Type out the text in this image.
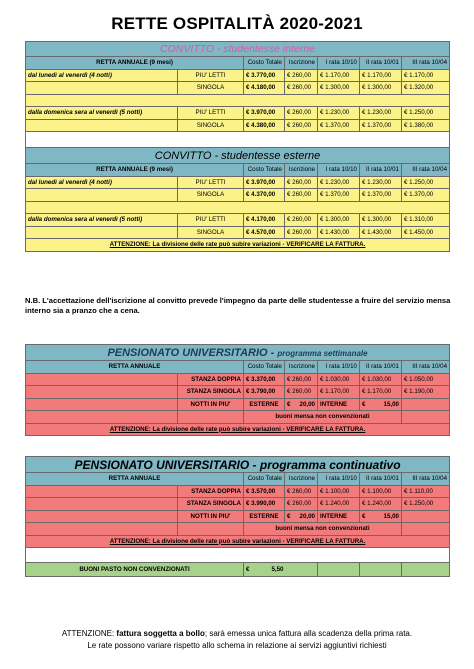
RETTE OSPITALITÀ 2020-2021
CONVITTO - studentesse interne						
RETTA ANNUALE (9 mesi)		Costo Totale	Iscrizione	I rata 10/10	II rata 10/01	III rata 10/04
dal lunedì al venerdì (4 notti)	PIU' LETTI	€ 3.770,00	€ 260,00	€ 1.170,00	€ 1.170,00	€ 1.170,00
	SINGOLA	€ 4.180,00	€ 260,00	€ 1.300,00	€ 1.300,00	€ 1.320,00

dalla domenica sera al venerdì (5 notti)	PIU' LETTI	€ 3.970,00	€ 260,00	€ 1.230,00	€ 1.230,00	€ 1.250,00
	SINGOLA	€ 4.380,00	€ 260,00	€ 1.370,00	€ 1.370,00	€ 1.380,00

CONVITTO - studentesse esterne						
RETTA ANNUALE (9 mesi)		Costo Totale	Iscrizione	I rata 10/10	II rata 10/01	III rata 10/04
dal lunedì al venerdì (4 notti)	PIU' LETTI	€ 3.970,00	€ 260,00	€ 1.230,00	€ 1.230,00	€ 1.250,00
	SINGOLA	€ 4.370,00	€ 260,00	€ 1.370,00	€ 1.370,00	€ 1.370,00

dalla domenica sera al venerdì (5 notti)	PIU' LETTI	€ 4.170,00	€ 260,00	€ 1.300,00	€ 1.300,00	€ 1.310,00
	SINGOLA	€ 4.570,00	€ 260,00	€ 1.430,00	€ 1.430,00	€ 1.450,00
ATTENZIONE: La divisione delle rate può subire variazioni - VERIFICARE LA FATTURA.						
N.B. L'accettazione dell'iscrizione al convitto prevede l'impegno da parte delle studentesse a fruire del servizio mensa interno sia a pranzo che a cena.
PENSIONATO UNIVERSITARIO - programma settimanale						
RETTA ANNUALE		Costo Totale	Iscrizione	I rata 10/10	II rata 10/01	III rata 10/04
	STANZA DOPPIA	€ 3.370,00	€ 260,00	€ 1.030,00	€ 1.030,00	€ 1.050,00
	STANZA SINGOLA	€ 3.790,00	€ 260,00	€ 1.170,00	€ 1.170,00	€ 1.190,00
	NOTTI IN PIU'	ESTERNE	€ 20,00	INTERNE	€ 15,00	

		buoni mensa non convenzionati				
ATTENZIONE: La divisione delle rate può subire variazioni - VERIFICARE LA FATTURA.						
PENSIONATO UNIVERSITARIO - programma continuativo						
RETTA ANNUALE		Costo Totale	Iscrizione	I rata 10/10	II rata 10/01	III rata 10/04
	STANZA DOPPIA	€ 3.570,00	€ 260,00	€ 1.100,00	€ 1.100,00	€ 1.110,00
	STANZA SINGOLA	€ 3.990,00	€ 260,00	€ 1.240,00	€ 1.240,00	€ 1.250,00
	NOTTI IN PIU'	ESTERNE	€ 20,00	INTERNE	€ 15,00	

		buoni mensa non convenzionati				
ATTENZIONE: La divisione delle rate può subire variazioni - VERIFICARE LA FATTURA.						

BUONI PASTO NON CONVENZIONATI		€ 5,50				
ATTENZIONE: fattura soggetta a bollo; sarà emessa unica fattura alla scadenza della prima rata.
Le rate possono variare rispetto allo schema in relazione ai servizi aggiuntivi richiesti
